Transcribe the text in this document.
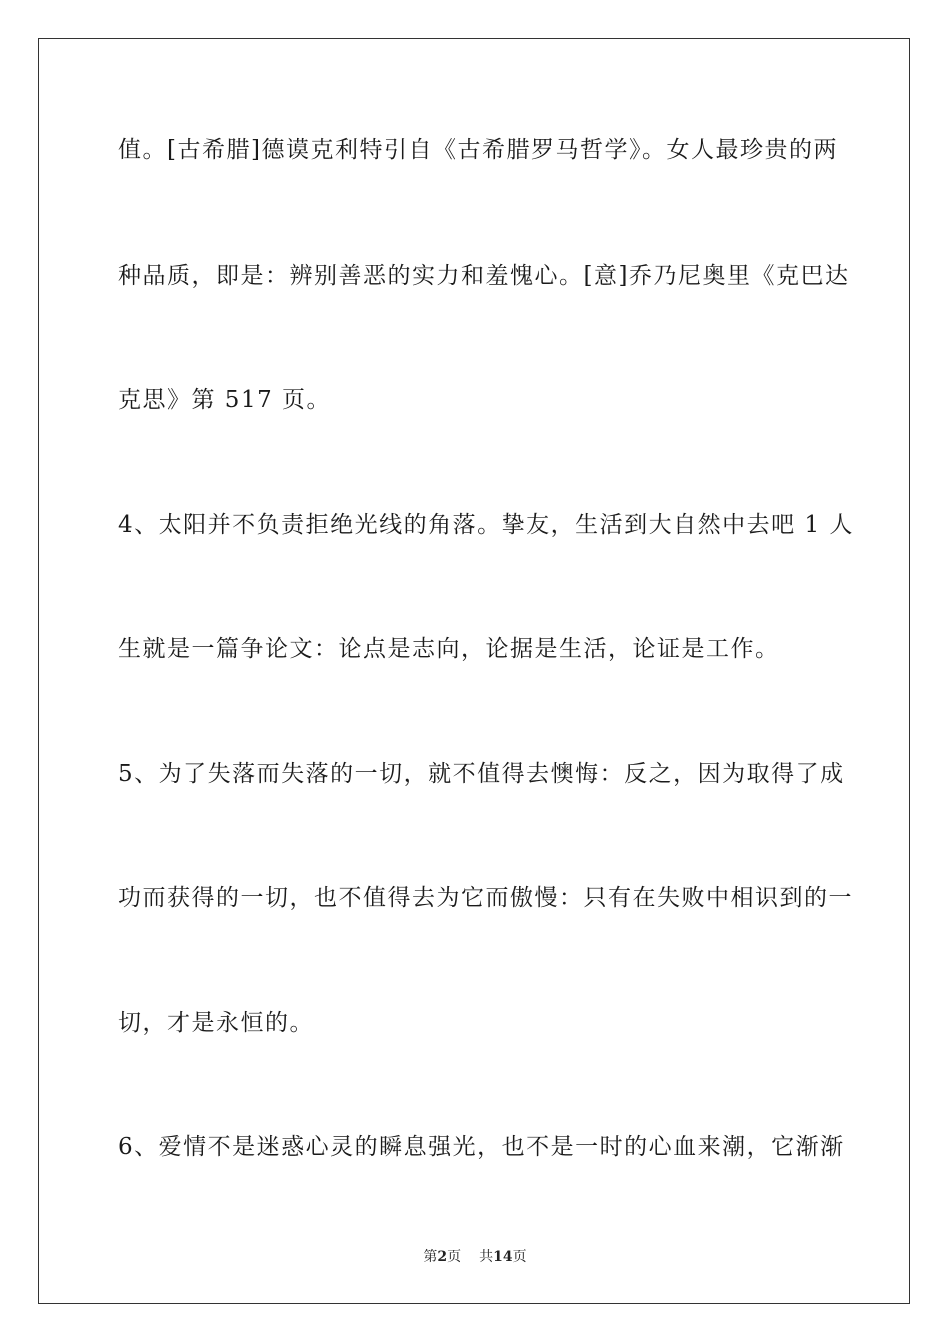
值。[古希腊]德谟克利特引自《古希腊罗马哲学》。女人最珍贵的两
种品质，即是：辨别善恶的实力和羞愧心。[意]乔乃尼奥里《克巴达
克思》第 517 页。
4、太阳并不负责拒绝光线的角落。挚友，生活到大自然中去吧 1 人
生就是一篇争论文：论点是志向，论据是生活，论证是工作。
5、为了失落而失落的一切，就不值得去懊悔：反之，因为取得了成
功而获得的一切，也不值得去为它而傲慢：只有在失败中相识到的一
切，才是永恒的。
6、爱情不是迷惑心灵的瞬息强光，也不是一时的心血来潮，它渐渐
第2页 共14页
